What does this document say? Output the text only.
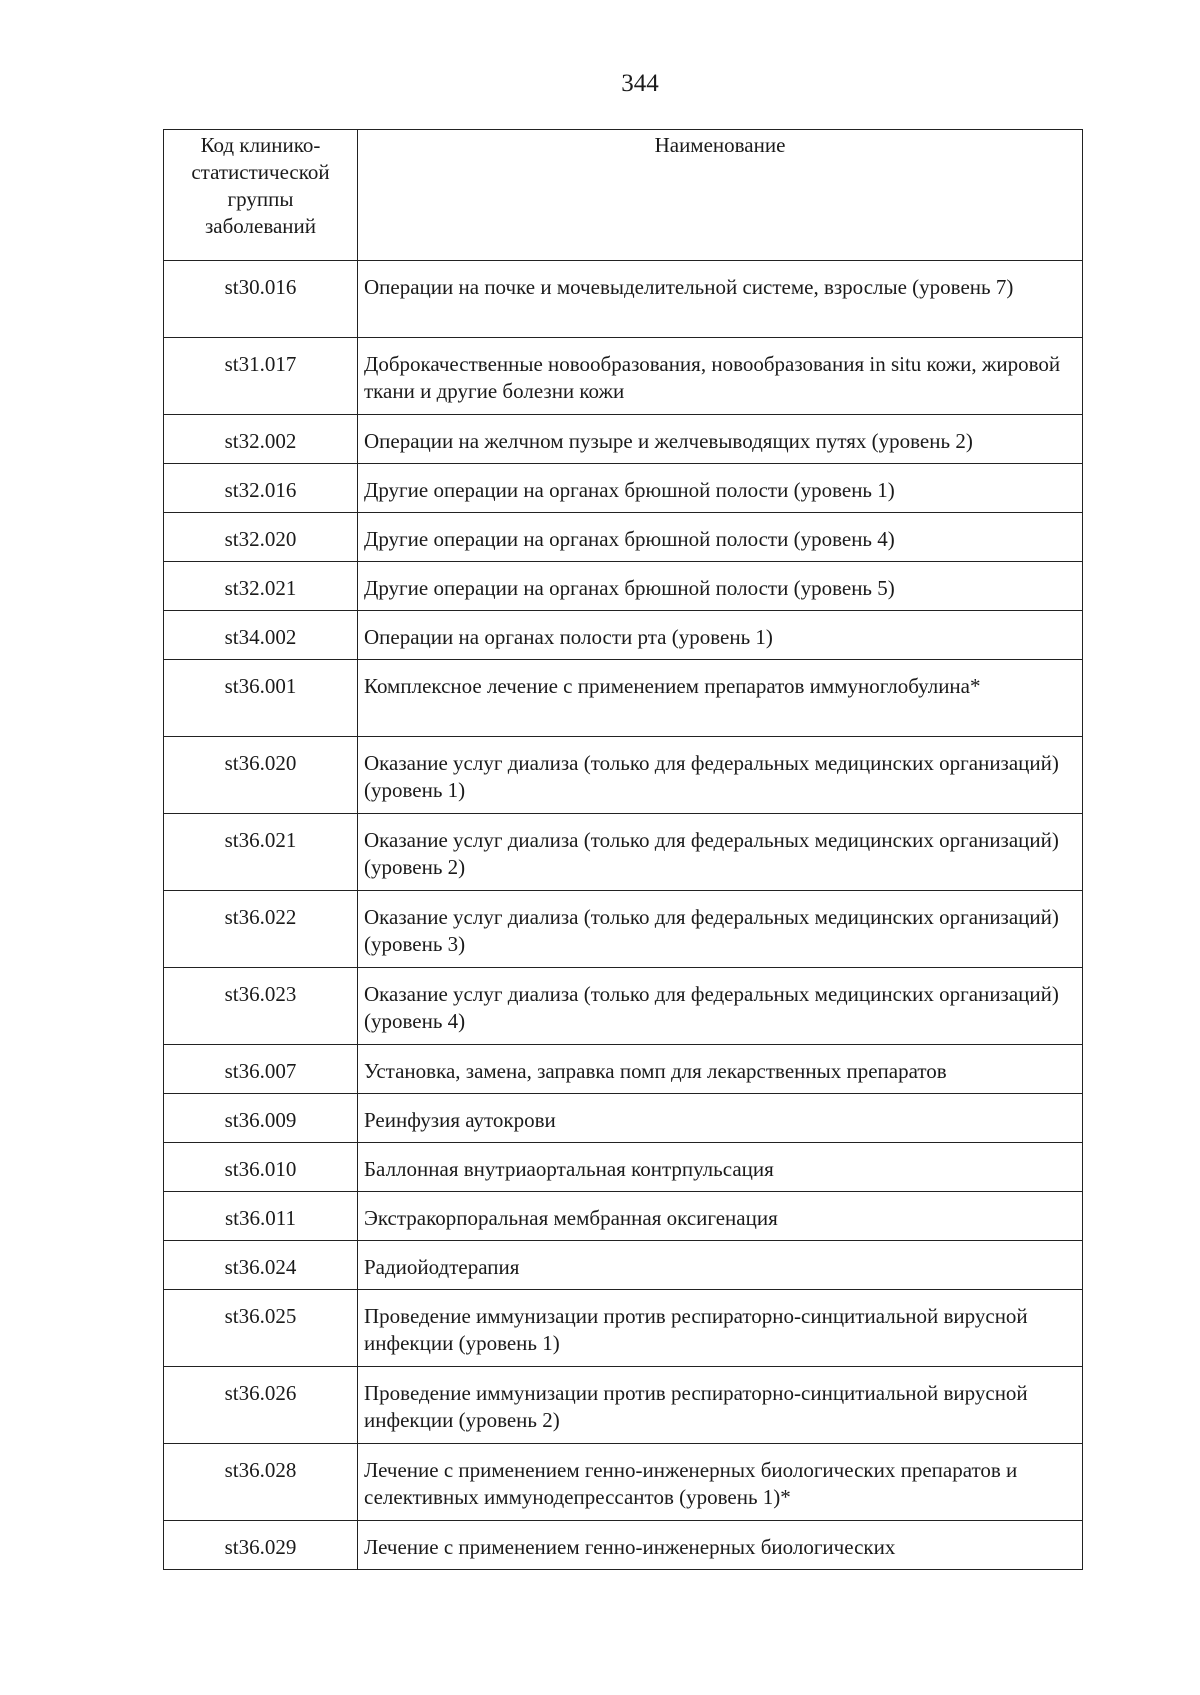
344
Код клинико-статистической группы заболеваний	Наименование
st30.016	Операции на почке и мочевыделительной системе, взрослые (уровень 7)
st31.017	Доброкачественные новообразования, новообразования in situ кожи, жировой ткани и другие болезни кожи
st32.002	Операции на желчном пузыре и желчевыводящих путях (уровень 2)
st32.016	Другие операции на органах брюшной полости (уровень 1)
st32.020	Другие операции на органах брюшной полости (уровень 4)
st32.021	Другие операции на органах брюшной полости (уровень 5)
st34.002	Операции на органах полости рта (уровень 1)
st36.001	Комплексное лечение с применением препаратов иммуноглобулина*
st36.020	Оказание услуг диализа (только для федеральных медицинских организаций) (уровень 1)
st36.021	Оказание услуг диализа (только для федеральных медицинских организаций) (уровень 2)
st36.022	Оказание услуг диализа (только для федеральных медицинских организаций) (уровень 3)
st36.023	Оказание услуг диализа (только для федеральных медицинских организаций) (уровень 4)
st36.007	Установка, замена, заправка помп для лекарственных препаратов
st36.009	Реинфузия аутокрови
st36.010	Баллонная внутриаортальная контрпульсация
st36.011	Экстракорпоральная мембранная оксигенация
st36.024	Радиойодтерапия
st36.025	Проведение иммунизации против респираторно-синцитиальной вирусной инфекции (уровень 1)
st36.026	Проведение иммунизации против респираторно-синцитиальной вирусной инфекции (уровень 2)
st36.028	Лечение с применением генно-инженерных биологических препаратов и селективных иммунодепрессантов (уровень 1)*
st36.029	Лечение с применением генно-инженерных биологических
